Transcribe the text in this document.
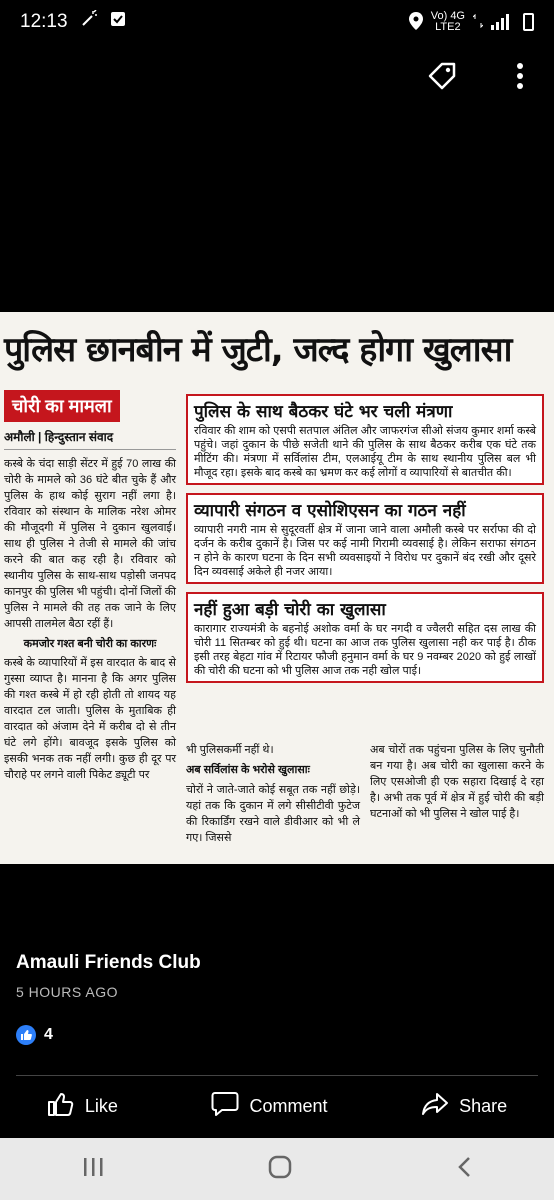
12:13	Vo) 4G
LTE2
पुलिस छानबीन में जुटी, जल्द होगा खुलासा
चोरी का मामला
अमौली | हिन्दुस्तान संवाद
कस्बे के चंदा साड़ी सेंटर में हुई 70 लाख की चोरी के मामले को 36 घंटे बीत चुके हैं और पुलिस के हाथ कोई सुराग नहीं लगा है। रविवार को संस्थान के मालिक नरेश ओमर की मौजूदगी में पुलिस ने दुकान खुलवाई। साथ ही पुलिस ने तेजी से मामले की जांच करने की बात कह रही है। रविवार को स्थानीय पुलिस के साथ-साथ पड़ोसी जनपद कानपुर की पुलिस भी पहुंची। दोनों जिलों की पुलिस ने मामले की तह तक जाने के लिए आपसी तालमेल बैठा रहीं हैं।
कमजोर गश्त बनी चोरी का कारणः
कस्बे के व्यापारियों में इस वारदात के बाद से गुस्सा व्याप्त है। मानना है कि अगर पुलिस की गश्त कस्बे में हो रही होती तो शायद यह वारदात टल जाती। पुलिस के मुताबिक ही वारदात को अंजाम देने में करीब दो से तीन घंटे लगे होंगे। बावजूद इसके पुलिस को इसकी भनक तक नहीं लगी। कुछ ही दूर पर चौराहे पर लगने वाली पिकेट ड्यूटी पर
पुलिस के साथ बैठकर घंटे भर चली मंत्रणा
रविवार की शाम को एसपी सतपाल अंतिल और जाफरगंज सीओ संजय कुमार शर्मा कस्बे पहुंचे। जहां दुकान के पीछे सजेती थाने की पुलिस के साथ बैठकर करीब एक घंटे तक मीटिंग की। मंत्रणा में सर्विलांस टीम, एलआईयू टीम के साथ स्थानीय पुलिस बल भी मौजूद रहा। इसके बाद कस्बे का भ्रमण कर कई लोगों व व्यापारियों से बातचीत की।
व्यापारी संगठन व एसोशिएसन का गठन नहीं
व्यापारी नगरी नाम से सुदूरवर्ती क्षेत्र में जाना जाने वाला अमौली कस्बे पर सर्राफा की दो दर्जन के करीब दुकानें है। जिस पर कई नामी गिरामी व्यवसाई है। लेकिन सराफा संगठन न होने के कारण घटना के दिन सभी व्यवसाइयों ने विरोध पर दुकानें बंद रखी और दूसरे दिन व्यवसाई अकेले ही नजर आया।
नहीं हुआ बड़ी चोरी का खुलासा
कारागार राज्यमंत्री के बहनोई अशोक वर्मा के घर नगदी व ज्वैलरी सहित दस लाख की चोरी 11 सितम्बर को हुई थी। घटना का आज तक पुलिस खुलासा नही कर पाई है। ठीक इसी तरह बेहटा गांव में रिटायर फौजी हनुमान वर्मा के घर 9 नवम्बर 2020 को हुई लाखों की चोरी की घटना को भी पुलिस आज तक नही खोल पाई।
भी पुलिसकर्मी नहीं थे।
अब सर्विलांस के भरोसे खुलासाः
चोरों ने जाते-जाते कोई सबूत तक नहीं छोड़े। यहां तक कि दुकान में लगे सीसीटीवी फुटेज की रिकार्डिंग रखने वाले डीवीआर को भी ले गए। जिससे
अब चोरों तक पहुंचना पुलिस के लिए चुनौती बन गया है। अब चोरी का खुलासा करने के लिए एसओजी ही एक सहारा दिखाई दे रहा है। अभी तक पूर्व में क्षेत्र में हुई चोरी की बड़ी घटनाओं को भी पुलिस ने खोल पाई है।
Amauli Friends Club
5 HOURS AGO
4
Like	Comment	Share
